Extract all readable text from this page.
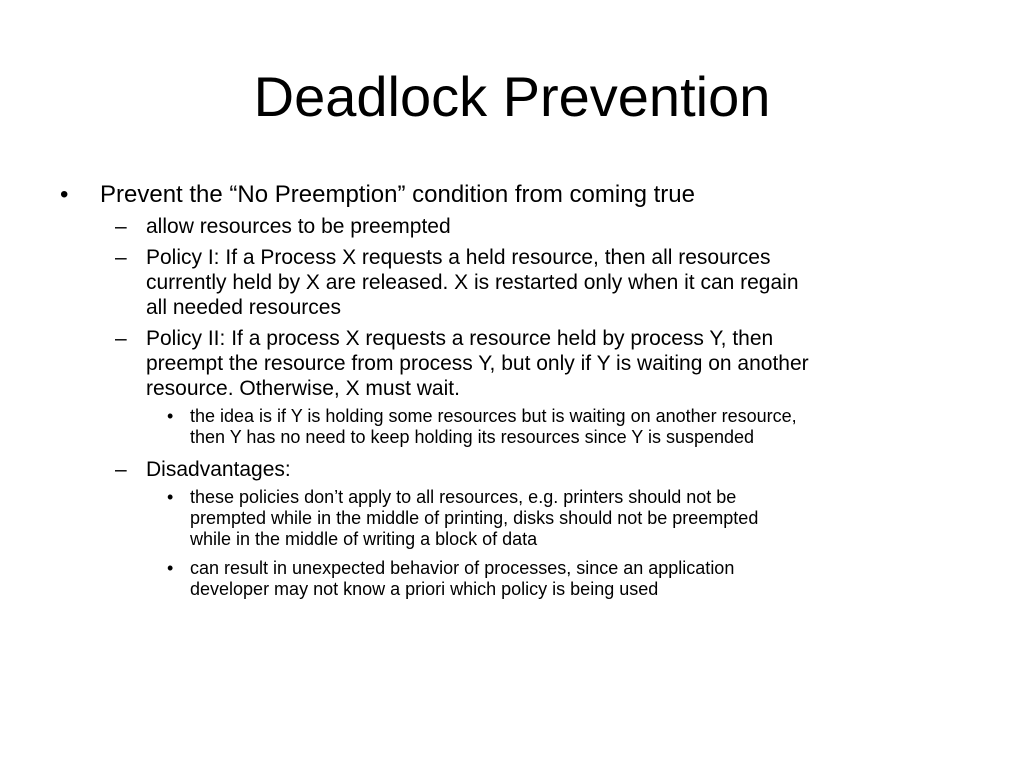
Deadlock Prevention
• Prevent the “No Preemption” condition from coming true
– allow resources to be preempted
– Policy I: If a Process X requests a held resource, then all resources
currently held by X are released. X is restarted only when it can regain
all needed resources
– Policy II: If a process X requests a resource held by process Y, then
preempt the resource from process Y, but only if Y is waiting on another
resource. Otherwise, X must wait.
• the idea is if Y is holding some resources but is waiting on another resource,
then Y has no need to keep holding its resources since Y is suspended
– Disadvantages:
• these policies don’t apply to all resources, e.g. printers should not be
prempted while in the middle of printing, disks should not be preempted
while in the middle of writing a block of data
• can result in unexpected behavior of processes, since an application
developer may not know a priori which policy is being used
